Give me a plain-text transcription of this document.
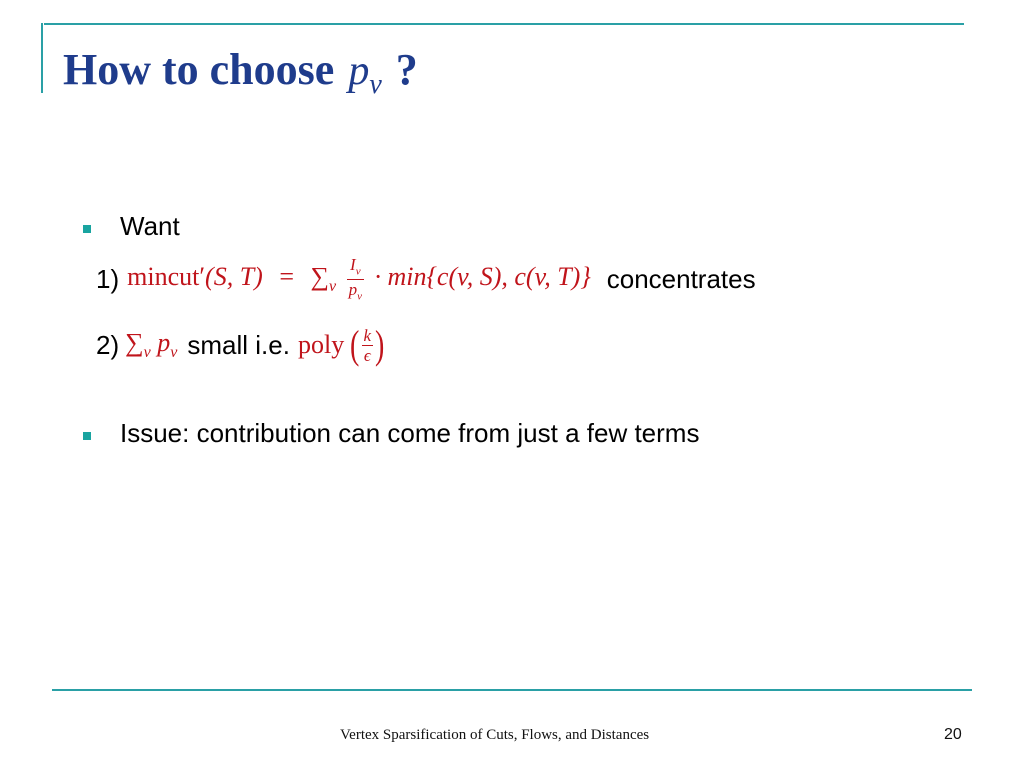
How to choose $p_v$ ?
Want
1) mincut′(S, $T) = \sum_v \frac{I_v}{p_v} \cdot \min\{c(v$, S), c(v, T)} concentrates
2) $\sum_v$ $p_v$ small i.e. poly ( $\frac{k}{\epsilon}$ )
Issue: contribution can come from just a few terms
Vertex Sparsification of Cuts, Flows, and Distances	20
